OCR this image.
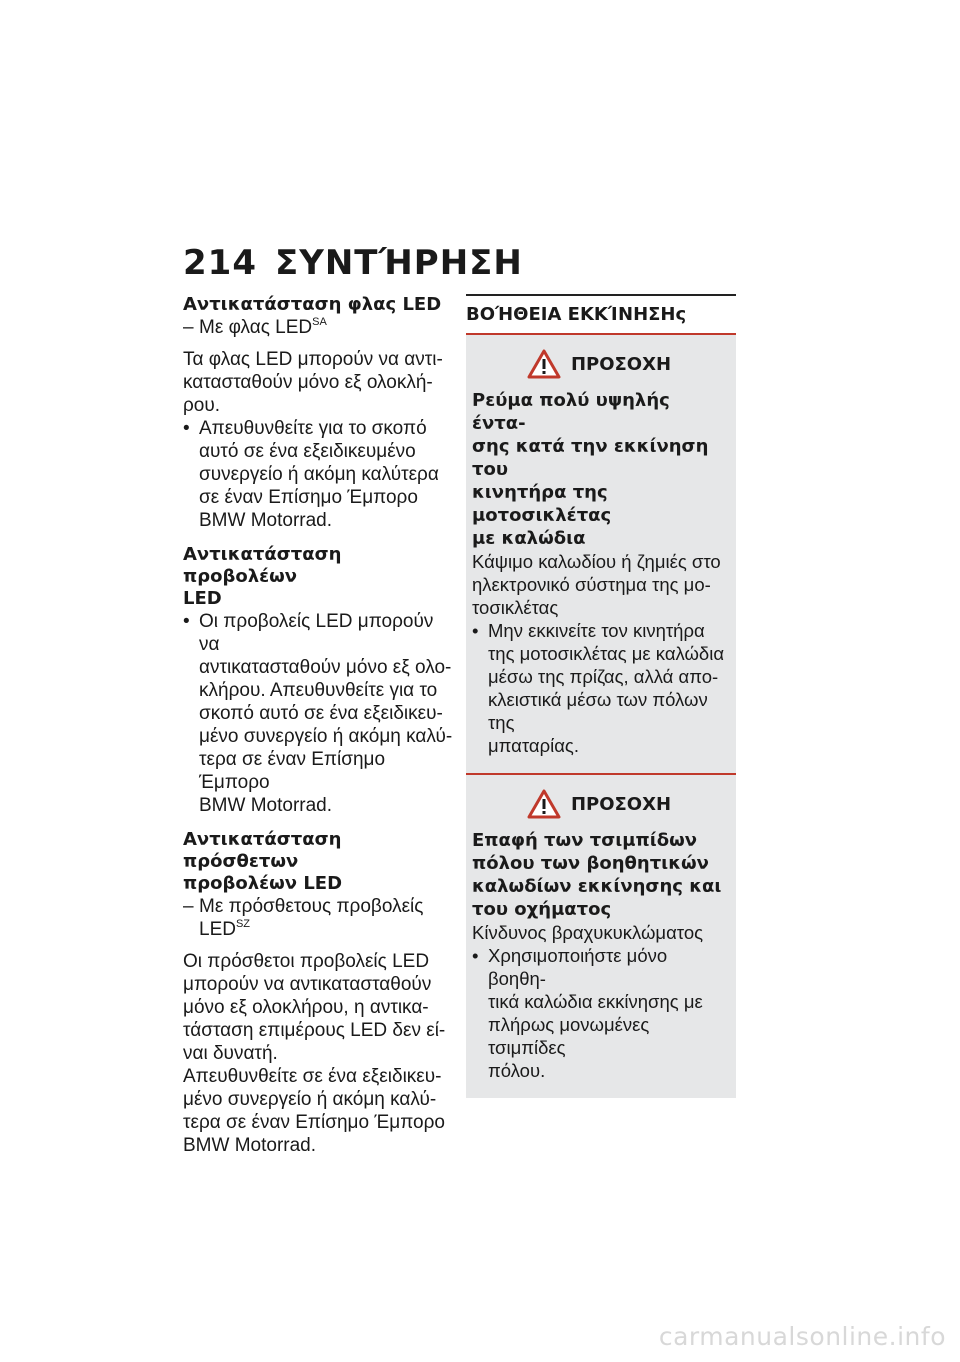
214 ΣΥΝΤΉΡΗΣΗ

Αντικατάσταση φλας LED

– Με φλας $LED^{SA}$

Τα φλας LED μπορούν να αντι-
κατασταθούν μόνο εξ ολοκλή-
ρου.

• Απευθυνθείτε για το σκοπό
αυτό σε ένα εξειδικευμένο
συνεργείο ή ακόμη καλύτερα
σε έναν Επίσημο Έμπορο
BMW Motorrad.

Αντικατάσταση προβολέων
LED

• Οι προβολείς LED μπορούν να
αντικατασταθούν μόνο εξ ολο-
κλήρου. Απευθυνθείτε για το
σκοπό αυτό σε ένα εξειδικευ-
μένο συνεργείο ή ακόμη καλύ-
τερα σε έναν Επίσημο Έμπορο
BMW Motorrad.

Αντικατάσταση πρόσθετων
προβολέων LED

– Με πρόσθετους προβολείς
$LED^{SZ}$

Οι πρόσθετοι προβολείς LED
μπορούν να αντικατασταθούν
μόνο εξ ολοκλήρου, η αντικα-
τάσταση επιμέρους LED δεν εί-
ναι δυνατή.
Απευθυνθείτε σε ένα εξειδικευ-
μένο συνεργείο ή ακόμη καλύ-
τερα σε έναν Επίσημο Έμπορο
BMW Motorrad.

ΒΟΉΘΕΙΑ ΕΚΚΊΝΗΣΗς
ΠΡΟΣΟΧΗ

Ρεύμα πολύ υψηλής έντα-
σης κατά την εκκίνηση του
κινητήρα της μοτοσικλέτας
με καλώδια

Κάψιμο καλωδίου ή ζημιές στο
ηλεκτρονικό σύστημα της μο-
τοσικλέτας

• Μην εκκινείτε τον κινητήρα
της μοτοσικλέτας με καλώδια
μέσω της πρίζας, αλλά απο-
κλειστικά μέσω των πόλων της
μπαταρίας.

ΠΡΟΣΟΧΗ

Επαφή των τσιμπίδων
πόλου των βοηθητικών
καλωδίων εκκίνησης και
του οχήματος

Κίνδυνος βραχυκυκλώματος

• Χρησιμοποιήστε μόνο βοηθη-
τικά καλώδια εκκίνησης με
πλήρως μονωμένες τσιμπίδες
πόλου.

carmanualsonline.info
